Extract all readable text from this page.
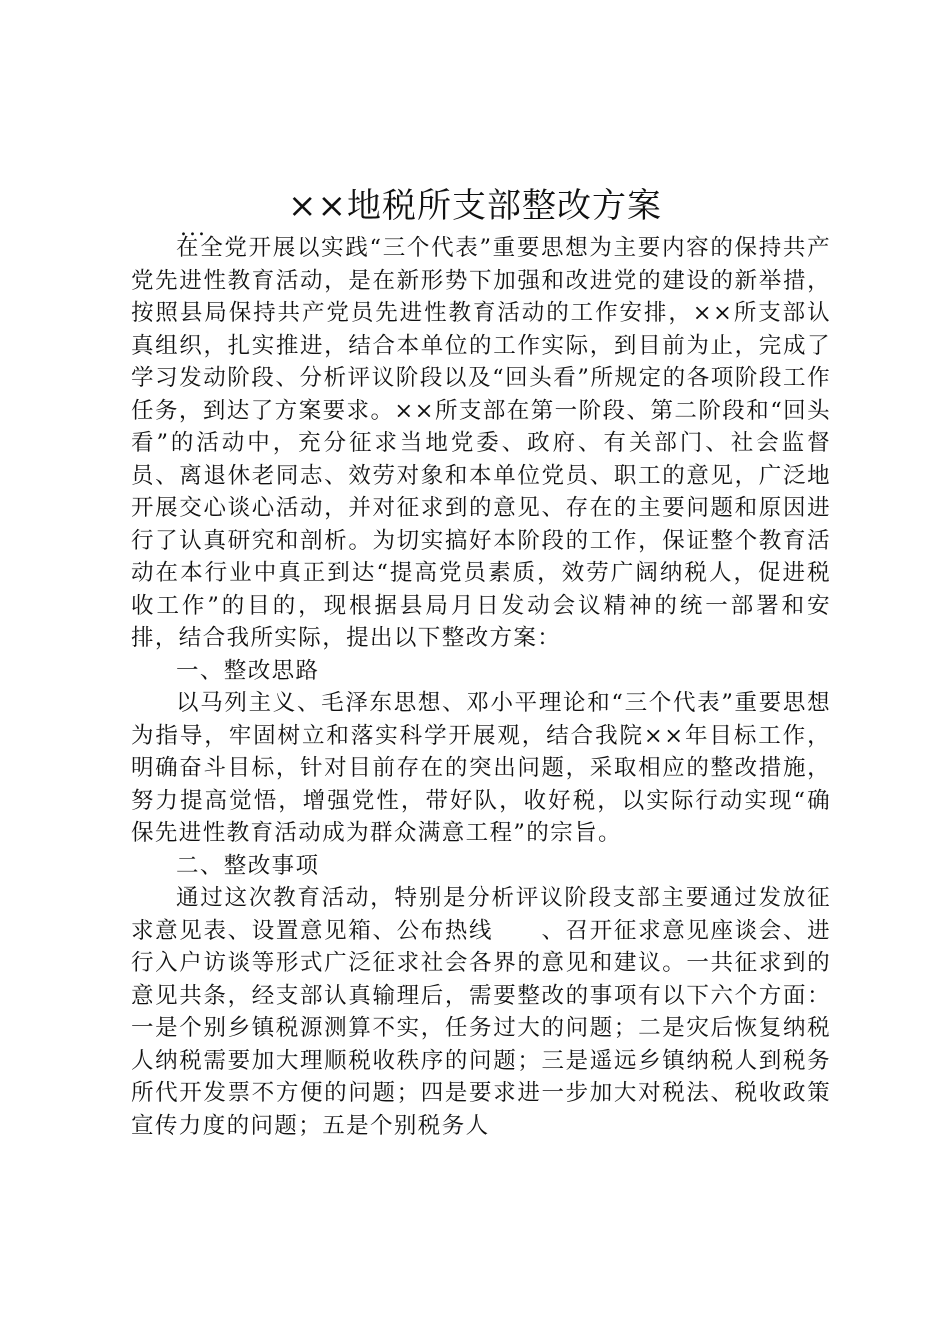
××地税所支部整改方案
...

在全党开展以实践“三个代表”重要思想为主要内容的保持共产党先进性教育活动，是在新形势下加强和改进党的建设的新举措，按照县局保持共产党员先进性教育活动的工作安排，××所支部认真组织，扎实推进，结合本单位的工作实际，到目前为止，完成了学习发动阶段、分析评议阶段以及“回头看”所规定的各项阶段工作任务，到达了方案要求。××所支部在第一阶段、第二阶段和“回头看”的活动中，充分征求当地党委、政府、有关部门、社会监督员、离退休老同志、效劳对象和本单位党员、职工的意见，广泛地开展交心谈心活动，并对征求到的意见、存在的主要问题和原因进行了认真研究和剖析。为切实搞好本阶段的工作，保证整个教育活动在本行业中真正到达“提高党员素质，效劳广阔纳税人，促进税收工作”的目的，现根据县局月日发动会议精神的统一部署和安排，结合我所实际，提出以下整改方案：

一、整改思路

以马列主义、毛泽东思想、邓小平理论和“三个代表”重要思想为指导，牢固树立和落实科学开展观，结合我院××年目标工作，明确奋斗目标，针对目前存在的突出问题，采取相应的整改措施，努力提高觉悟，增强党性，带好队，收好税，以实际行动实现“确保先进性教育活动成为群众满意工程”的宗旨。

二、整改事项

通过这次教育活动，特别是分析评议阶段支部主要通过发放征求意见表、设置意见箱、公布热线　　、召开征求意见座谈会、进行入户访谈等形式广泛征求社会各界的意见和建议。一共征求到的意见共条，经支部认真输理后，需要整改的事项有以下六个方面：一是个别乡镇税源测算不实，任务过大的问题；二是灾后恢复纳税人纳税需要加大理顺税收秩序的问题；三是遥远乡镇纳税人到税务所代开发票不方便的问题；四是要求进一步加大对税法、税收政策宣传力度的问题；五是个别税务人
